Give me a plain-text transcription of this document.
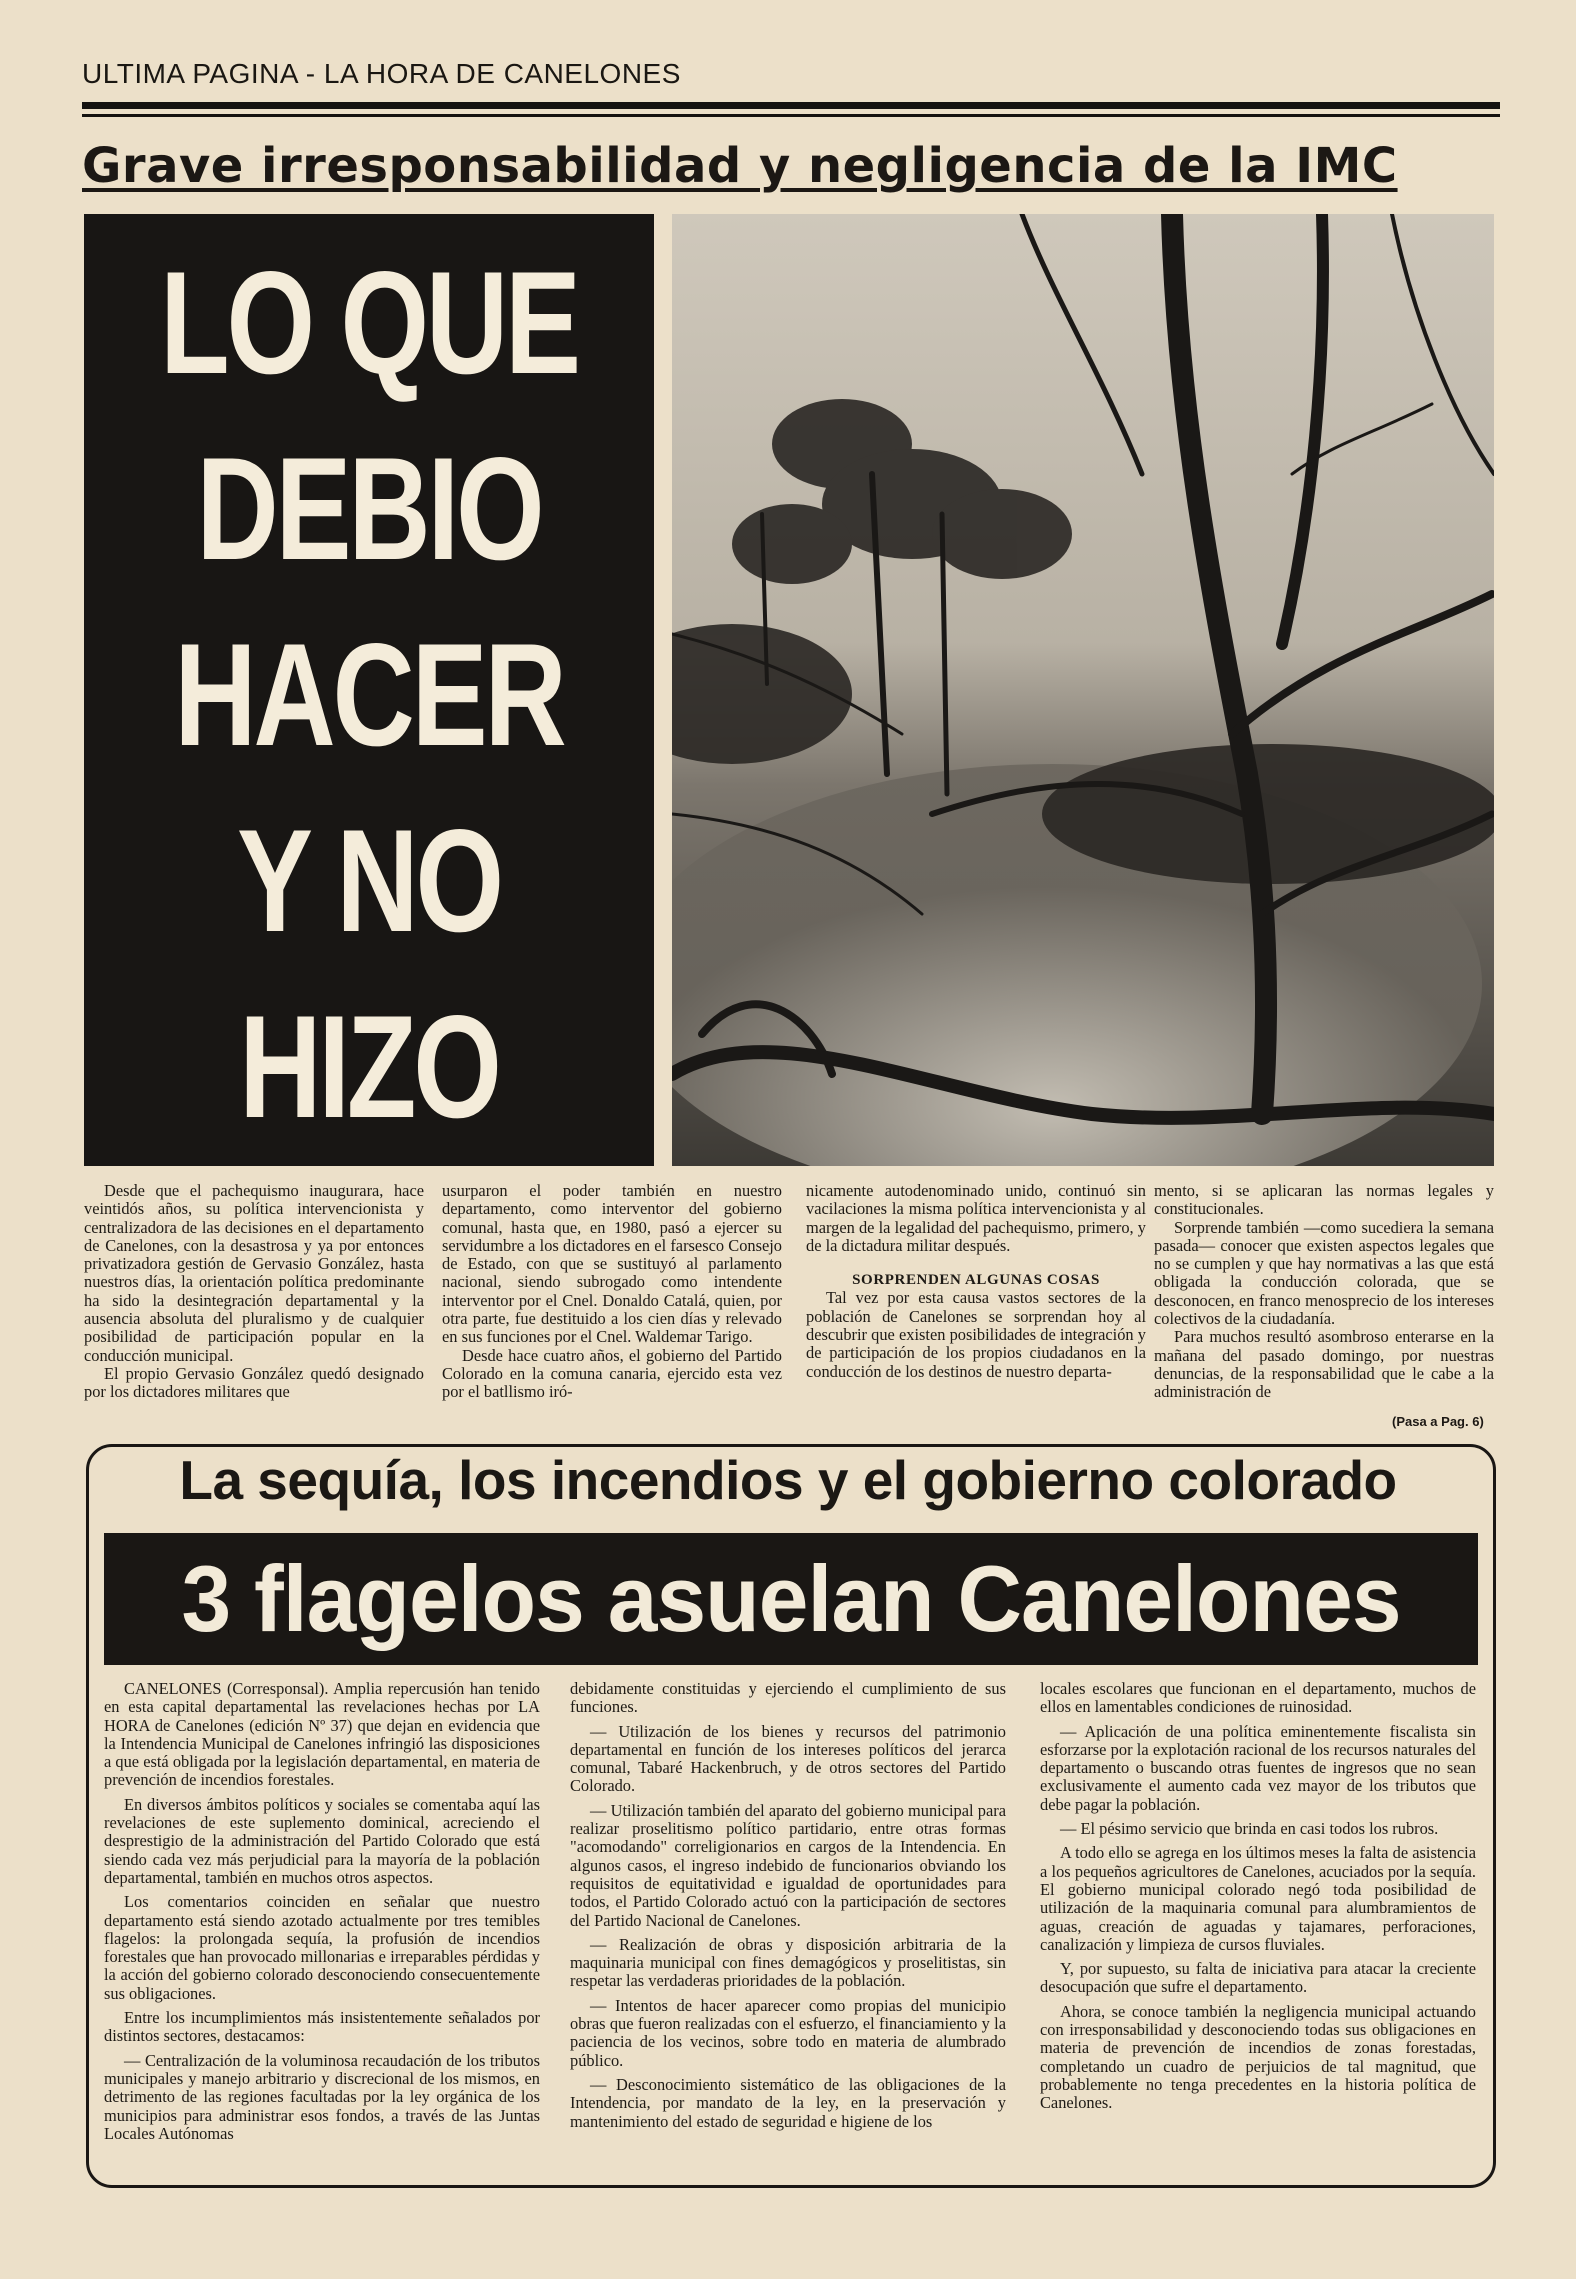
ULTIMA PAGINA - LA HORA DE CANELONES
Grave irresponsabilidad y negligencia de la IMC
LO QUE
DEBIO
HACER
Y NO
HIZO

Desde que el pachequismo inaugurara, hace veintidós años, su política intervencionista y centralizadora de las decisiones en el departamento de Canelones, con la desastrosa y ya por entonces privatizadora gestión de Gervasio González, hasta nuestros días, la orientación política predominante ha sido la desintegración departamental y la ausencia absoluta del pluralismo y de cualquier posibilidad de participación popular en la conducción municipal.

El propio Gervasio González quedó designado por los dictadores militares que

usurparon el poder también en nuestro departamento, como interventor del gobierno comunal, hasta que, en 1980, pasó a ejercer su servidumbre a los dictadores en el farsesco Consejo de Estado, con que se sustituyó al parlamento nacional, siendo subrogado como intendente interventor por el Cnel. Donaldo Catalá, quien, por otra parte, fue destituido a los cien días y relevado en sus funciones por el Cnel. Waldemar Tarigo.

Desde hace cuatro años, el gobierno del Partido Colorado en la comuna canaria, ejercido esta vez por el batllismo iró-

nicamente autodenominado unido, continuó sin vacilaciones la misma política intervencionista y al margen de la legalidad del pachequismo, primero, y de la dictadura militar después.

SORPRENDEN ALGUNAS COSAS

Tal vez por esta causa vastos sectores de la población de Canelones se sorprendan hoy al descubrir que existen posibilidades de integración y de participación de los propios ciudadanos en la conducción de los destinos de nuestro departa-

mento, si se aplicaran las normas legales y constitucionales.

Sorprende también —como sucediera la semana pasada— conocer que existen aspectos legales que no se cumplen y que hay normativas a las que está obligada la conducción colorada, que se desconocen, en franco menosprecio de los intereses colectivos de la ciudadanía.

Para muchos resultó asombroso enterarse en la mañana del pasado domingo, por nuestras denuncias, de la responsabilidad que le cabe a la administración de

(Pasa a Pag. 6)
La sequía, los incendios y el gobierno colorado
3 flagelos asuelan Canelones

CANELONES (Corresponsal). Amplia repercusión han tenido en esta capital departamental las revelaciones hechas por LA HORA de Canelones (edición Nº 37) que dejan en evidencia que la Intendencia Municipal de Canelones infringió las disposiciones a que está obligada por la legislación departamental, en materia de prevención de incendios forestales.

En diversos ámbitos políticos y sociales se comentaba aquí las revelaciones de este suplemento dominical, acreciendo el desprestigio de la administración del Partido Colorado que está siendo cada vez más perjudicial para la mayoría de la población departamental, también en muchos otros aspectos.

Los comentarios coinciden en señalar que nuestro departamento está siendo azotado actualmente por tres temibles flagelos: la prolongada sequía, la profusión de incendios forestales que han provocado millonarias e irreparables pérdidas y la acción del gobierno colorado desconociendo consecuentemente sus obligaciones.

Entre los incumplimientos más insistentemente señalados por distintos sectores, destacamos:

— Centralización de la voluminosa recaudación de los tributos municipales y manejo arbitrario y discrecional de los mismos, en detrimento de las regiones facultadas por la ley orgánica de los municipios para administrar esos fondos, a través de las Juntas Locales Autónomas

debidamente constituidas y ejerciendo el cumplimiento de sus funciones.

— Utilización de los bienes y recursos del patrimonio departamental en función de los intereses políticos del jerarca comunal, Tabaré Hackenbruch, y de otros sectores del Partido Colorado.

— Utilización también del aparato del gobierno municipal para realizar proselitismo político partidario, entre otras formas "acomodando" correligionarios en cargos de la Intendencia. En algunos casos, el ingreso indebido de funcionarios obviando los requisitos de equitatividad e igualdad de oportunidades para todos, el Partido Colorado actuó con la participación de sectores del Partido Nacional de Canelones.

— Realización de obras y disposición arbitraria de la maquinaria municipal con fines demagógicos y proselitistas, sin respetar las verdaderas prioridades de la población.

— Intentos de hacer aparecer como propias del municipio obras que fueron realizadas con el esfuerzo, el financiamiento y la paciencia de los vecinos, sobre todo en materia de alumbrado público.

— Desconocimiento sistemático de las obligaciones de la Intendencia, por mandato de la ley, en la preservación y mantenimiento del estado de seguridad e higiene de los

locales escolares que funcionan en el departamento, muchos de ellos en lamentables condiciones de ruinosidad.

— Aplicación de una política eminentemente fiscalista sin esforzarse por la explotación racional de los recursos naturales del departamento o buscando otras fuentes de ingresos que no sean exclusivamente el aumento cada vez mayor de los tributos que debe pagar la población.

— El pésimo servicio que brinda en casi todos los rubros.

A todo ello se agrega en los últimos meses la falta de asistencia a los pequeños agricultores de Canelones, acuciados por la sequía. El gobierno municipal colorado negó toda posibilidad de utilización de la maquinaria comunal para alumbramientos de aguas, creación de aguadas y tajamares, perforaciones, canalización y limpieza de cursos fluviales.

Y, por supuesto, su falta de iniciativa para atacar la creciente desocupación que sufre el departamento.

Ahora, se conoce también la negligencia municipal actuando con irresponsabilidad y desconociendo todas sus obligaciones en materia de prevención de incendios de zonas forestadas, completando un cuadro de perjuicios de tal magnitud, que probablemente no tenga precedentes en la historia política de Canelones.
